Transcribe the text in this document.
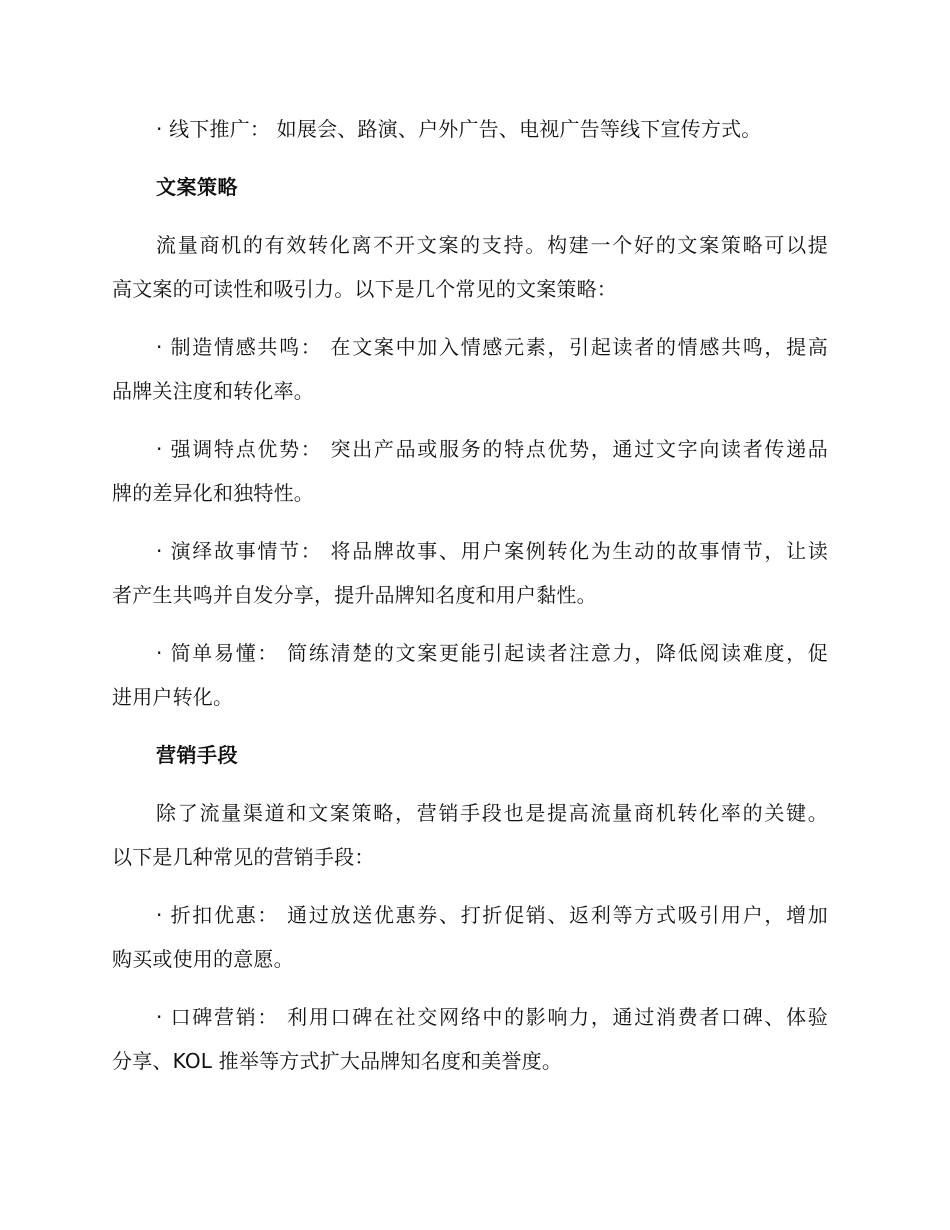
· 线下推广： 如展会、路演、户外广告、电视广告等线下宣传方式。
文案策略
流量商机的有效转化离不开文案的支持。构建一个好的文案策略可以提
高文案的可读性和吸引力。以下是几个常见的文案策略：
· 制造情感共鸣： 在文案中加入情感元素，引起读者的情感共鸣，提高
品牌关注度和转化率。
· 强调特点优势： 突出产品或服务的特点优势，通过文字向读者传递品
牌的差异化和独特性。
· 演绎故事情节： 将品牌故事、用户案例转化为生动的故事情节，让读
者产生共鸣并自发分享，提升品牌知名度和用户黏性。
· 简单易懂： 简练清楚的文案更能引起读者注意力，降低阅读难度，促
进用户转化。
营销手段
除了流量渠道和文案策略，营销手段也是提高流量商机转化率的关键。
以下是几种常见的营销手段：
· 折扣优惠： 通过放送优惠券、打折促销、返利等方式吸引用户，增加
购买或使用的意愿。
· 口碑营销： 利用口碑在社交网络中的影响力，通过消费者口碑、体验
分享、KOL 推举等方式扩大品牌知名度和美誉度。
